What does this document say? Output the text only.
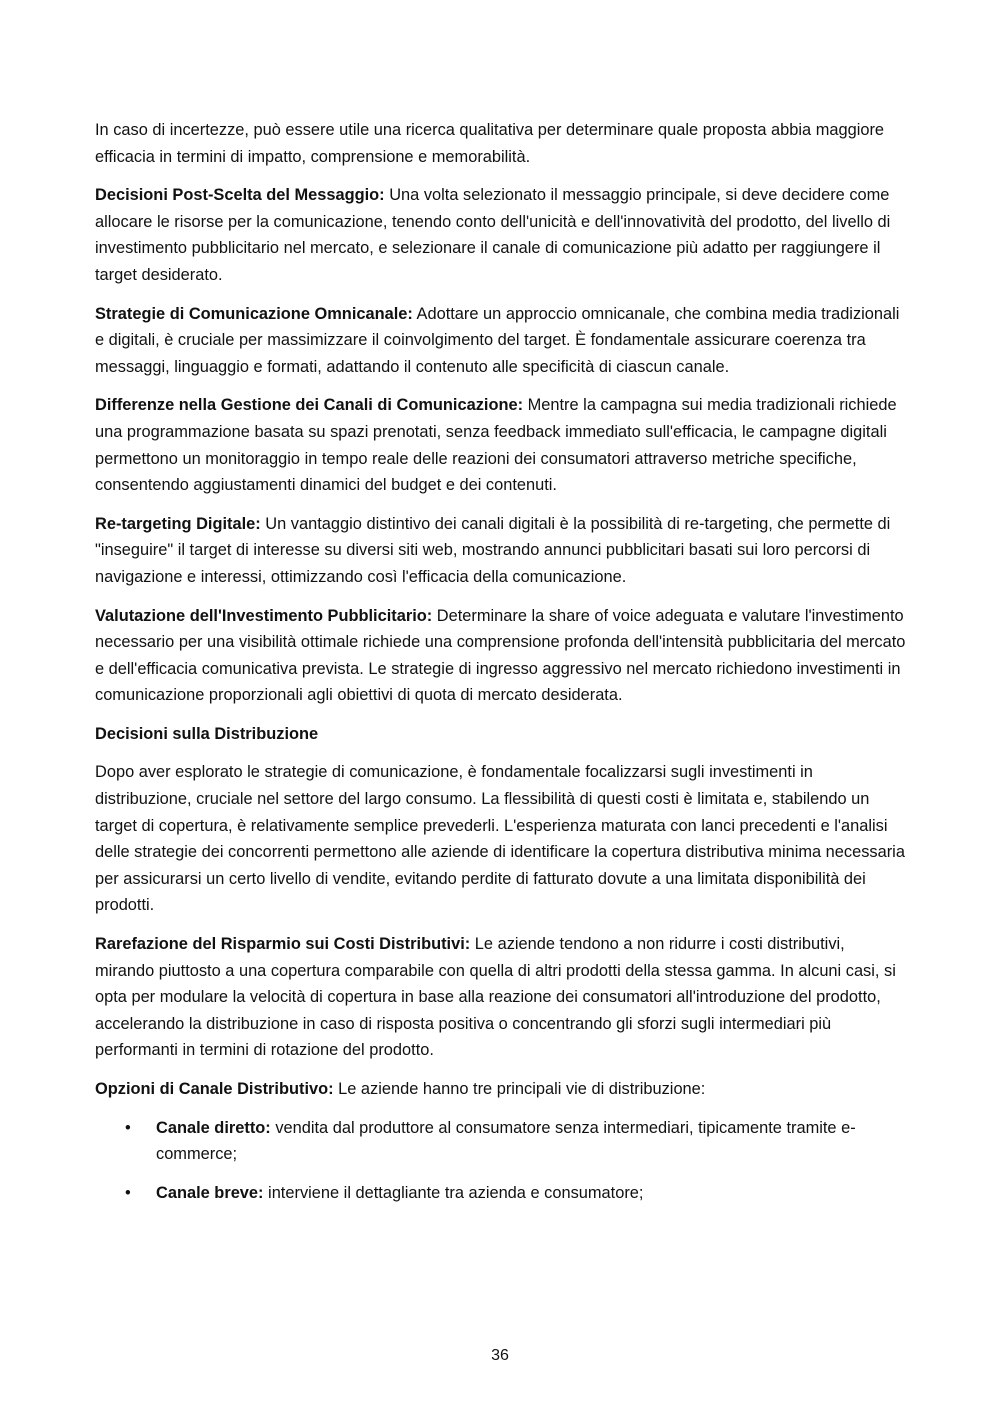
In caso di incertezze, può essere utile una ricerca qualitativa per determinare quale proposta abbia maggiore efficacia in termini di impatto, comprensione e memorabilità.

Decisioni Post-Scelta del Messaggio: Una volta selezionato il messaggio principale, si deve decidere come allocare le risorse per la comunicazione, tenendo conto dell'unicità e dell'innovatività del prodotto, del livello di investimento pubblicitario nel mercato, e selezionare il canale di comunicazione più adatto per raggiungere il target desiderato.

Strategie di Comunicazione Omnicanale: Adottare un approccio omnicanale, che combina media tradizionali e digitali, è cruciale per massimizzare il coinvolgimento del target. È fondamentale assicurare coerenza tra messaggi, linguaggio e formati, adattando il contenuto alle specificità di ciascun canale.

Differenze nella Gestione dei Canali di Comunicazione: Mentre la campagna sui media tradizionali richiede una programmazione basata su spazi prenotati, senza feedback immediato sull'efficacia, le campagne digitali permettono un monitoraggio in tempo reale delle reazioni dei consumatori attraverso metriche specifiche, consentendo aggiustamenti dinamici del budget e dei contenuti.

Re-targeting Digitale: Un vantaggio distintivo dei canali digitali è la possibilità di re-targeting, che permette di "inseguire" il target di interesse su diversi siti web, mostrando annunci pubblicitari basati sui loro percorsi di navigazione e interessi, ottimizzando così l'efficacia della comunicazione.

Valutazione dell'Investimento Pubblicitario: Determinare la share of voice adeguata e valutare l'investimento necessario per una visibilità ottimale richiede una comprensione profonda dell'intensità pubblicitaria del mercato e dell'efficacia comunicativa prevista. Le strategie di ingresso aggressivo nel mercato richiedono investimenti in comunicazione proporzionali agli obiettivi di quota di mercato desiderata.

Decisioni sulla Distribuzione

Dopo aver esplorato le strategie di comunicazione, è fondamentale focalizzarsi sugli investimenti in distribuzione, cruciale nel settore del largo consumo. La flessibilità di questi costi è limitata e, stabilendo un target di copertura, è relativamente semplice prevederli. L'esperienza maturata con lanci precedenti e l'analisi delle strategie dei concorrenti permettono alle aziende di identificare la copertura distributiva minima necessaria per assicurarsi un certo livello di vendite, evitando perdite di fatturato dovute a una limitata disponibilità dei prodotti.

Rarefazione del Risparmio sui Costi Distributivi: Le aziende tendono a non ridurre i costi distributivi, mirando piuttosto a una copertura comparabile con quella di altri prodotti della stessa gamma. In alcuni casi, si opta per modulare la velocità di copertura in base alla reazione dei consumatori all'introduzione del prodotto, accelerando la distribuzione in caso di risposta positiva o concentrando gli sforzi sugli intermediari più performanti in termini di rotazione del prodotto.

Opzioni di Canale Distributivo: Le aziende hanno tre principali vie di distribuzione:

• Canale diretto: vendita dal produttore al consumatore senza intermediari, tipicamente tramite e-commerce;
• Canale breve: interviene il dettagliante tra azienda e consumatore;
36
